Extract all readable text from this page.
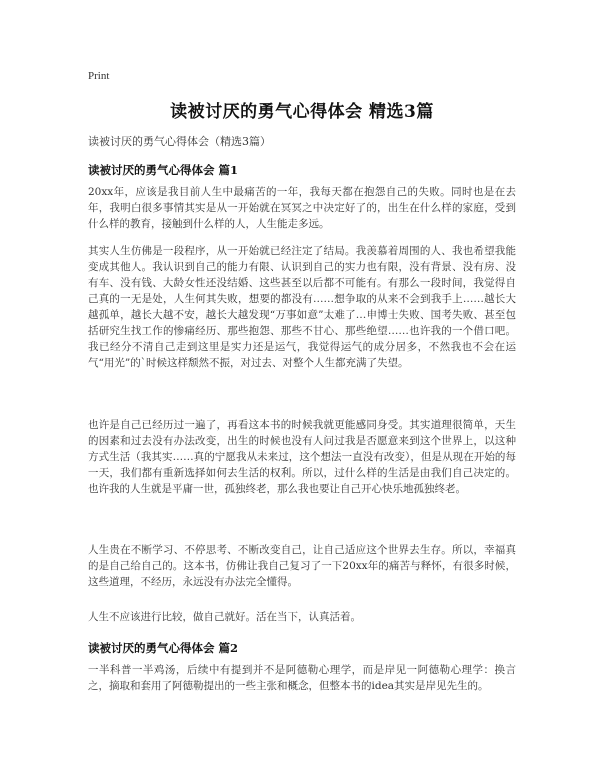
Print
读被讨厌的勇气心得体会 精选3篇
读被讨厌的勇气心得体会（精选3篇）
读被讨厌的勇气心得体会 篇1

20xx年，应该是我目前人生中最痛苦的一年，我每天都在抱怨自己的失败。同时也是在去年，我明白很多事情其实是从一开始就在冥冥之中决定好了的，出生在什么样的家庭，受到什么样的教育，接触到什么样的人，人生能走多远。

其实人生仿佛是一段程序，从一开始就已经注定了结局。我羡慕着周围的人、我也希望我能变成其他人。我认识到自己的能力有限、认识到自己的实力也有限，没有背景、没有房、没有车、没有钱、大龄女性还没结婚、这些甚至以后都不可能有。有那么一段时间，我觉得自己真的一无是处，人生何其失败，想要的都没有……想争取的从来不会到我手上……越长大越孤单，越长大越不安，越长大越发现“万事如意”太难了…申博士失败、国考失败、甚至包括研究生找工作的惨痛经历、那些抱怨、那些不甘心、那些绝望……也许我的一个借口吧。我已经分不清自己走到这里是实力还是运气，我觉得运气的成分居多，不然我也不会在运气“用光”的`时候这样颓然不振，对过去、对整个人生都充满了失望。

也许是自己已经历过一遍了，再看这本书的时候我就更能感同身受。其实道理很简单，天生的因素和过去没有办法改变，出生的时候也没有人问过我是否愿意来到这个世界上，以这种方式生活（我其实……真的宁愿我从未来过，这个想法一直没有改变），但是从现在开始的每一天，我们都有重新选择如何去生活的权利。所以，过什么样的生活是由我们自己决定的。也许我的人生就是平庸一世，孤独终老，那么我也要让自己开心快乐地孤独终老。

人生贵在不断学习、不停思考、不断改变自己，让自己适应这个世界去生存。所以，幸福真的是自己给自己的。这本书，仿佛让我自己复习了一下20xx年的痛苦与释怀，有很多时候，这些道理，不经历，永远没有办法完全懂得。

人生不应该进行比较，做自己就好。活在当下，认真活着。

读被讨厌的勇气心得体会 篇2

一半科普一半鸡汤，后续中有提到并不是阿德勒心理学，而是岸见一阿德勒心理学：换言之，摘取和套用了阿德勒提出的一些主张和概念，但整本书的idea其实是岸见先生的。
